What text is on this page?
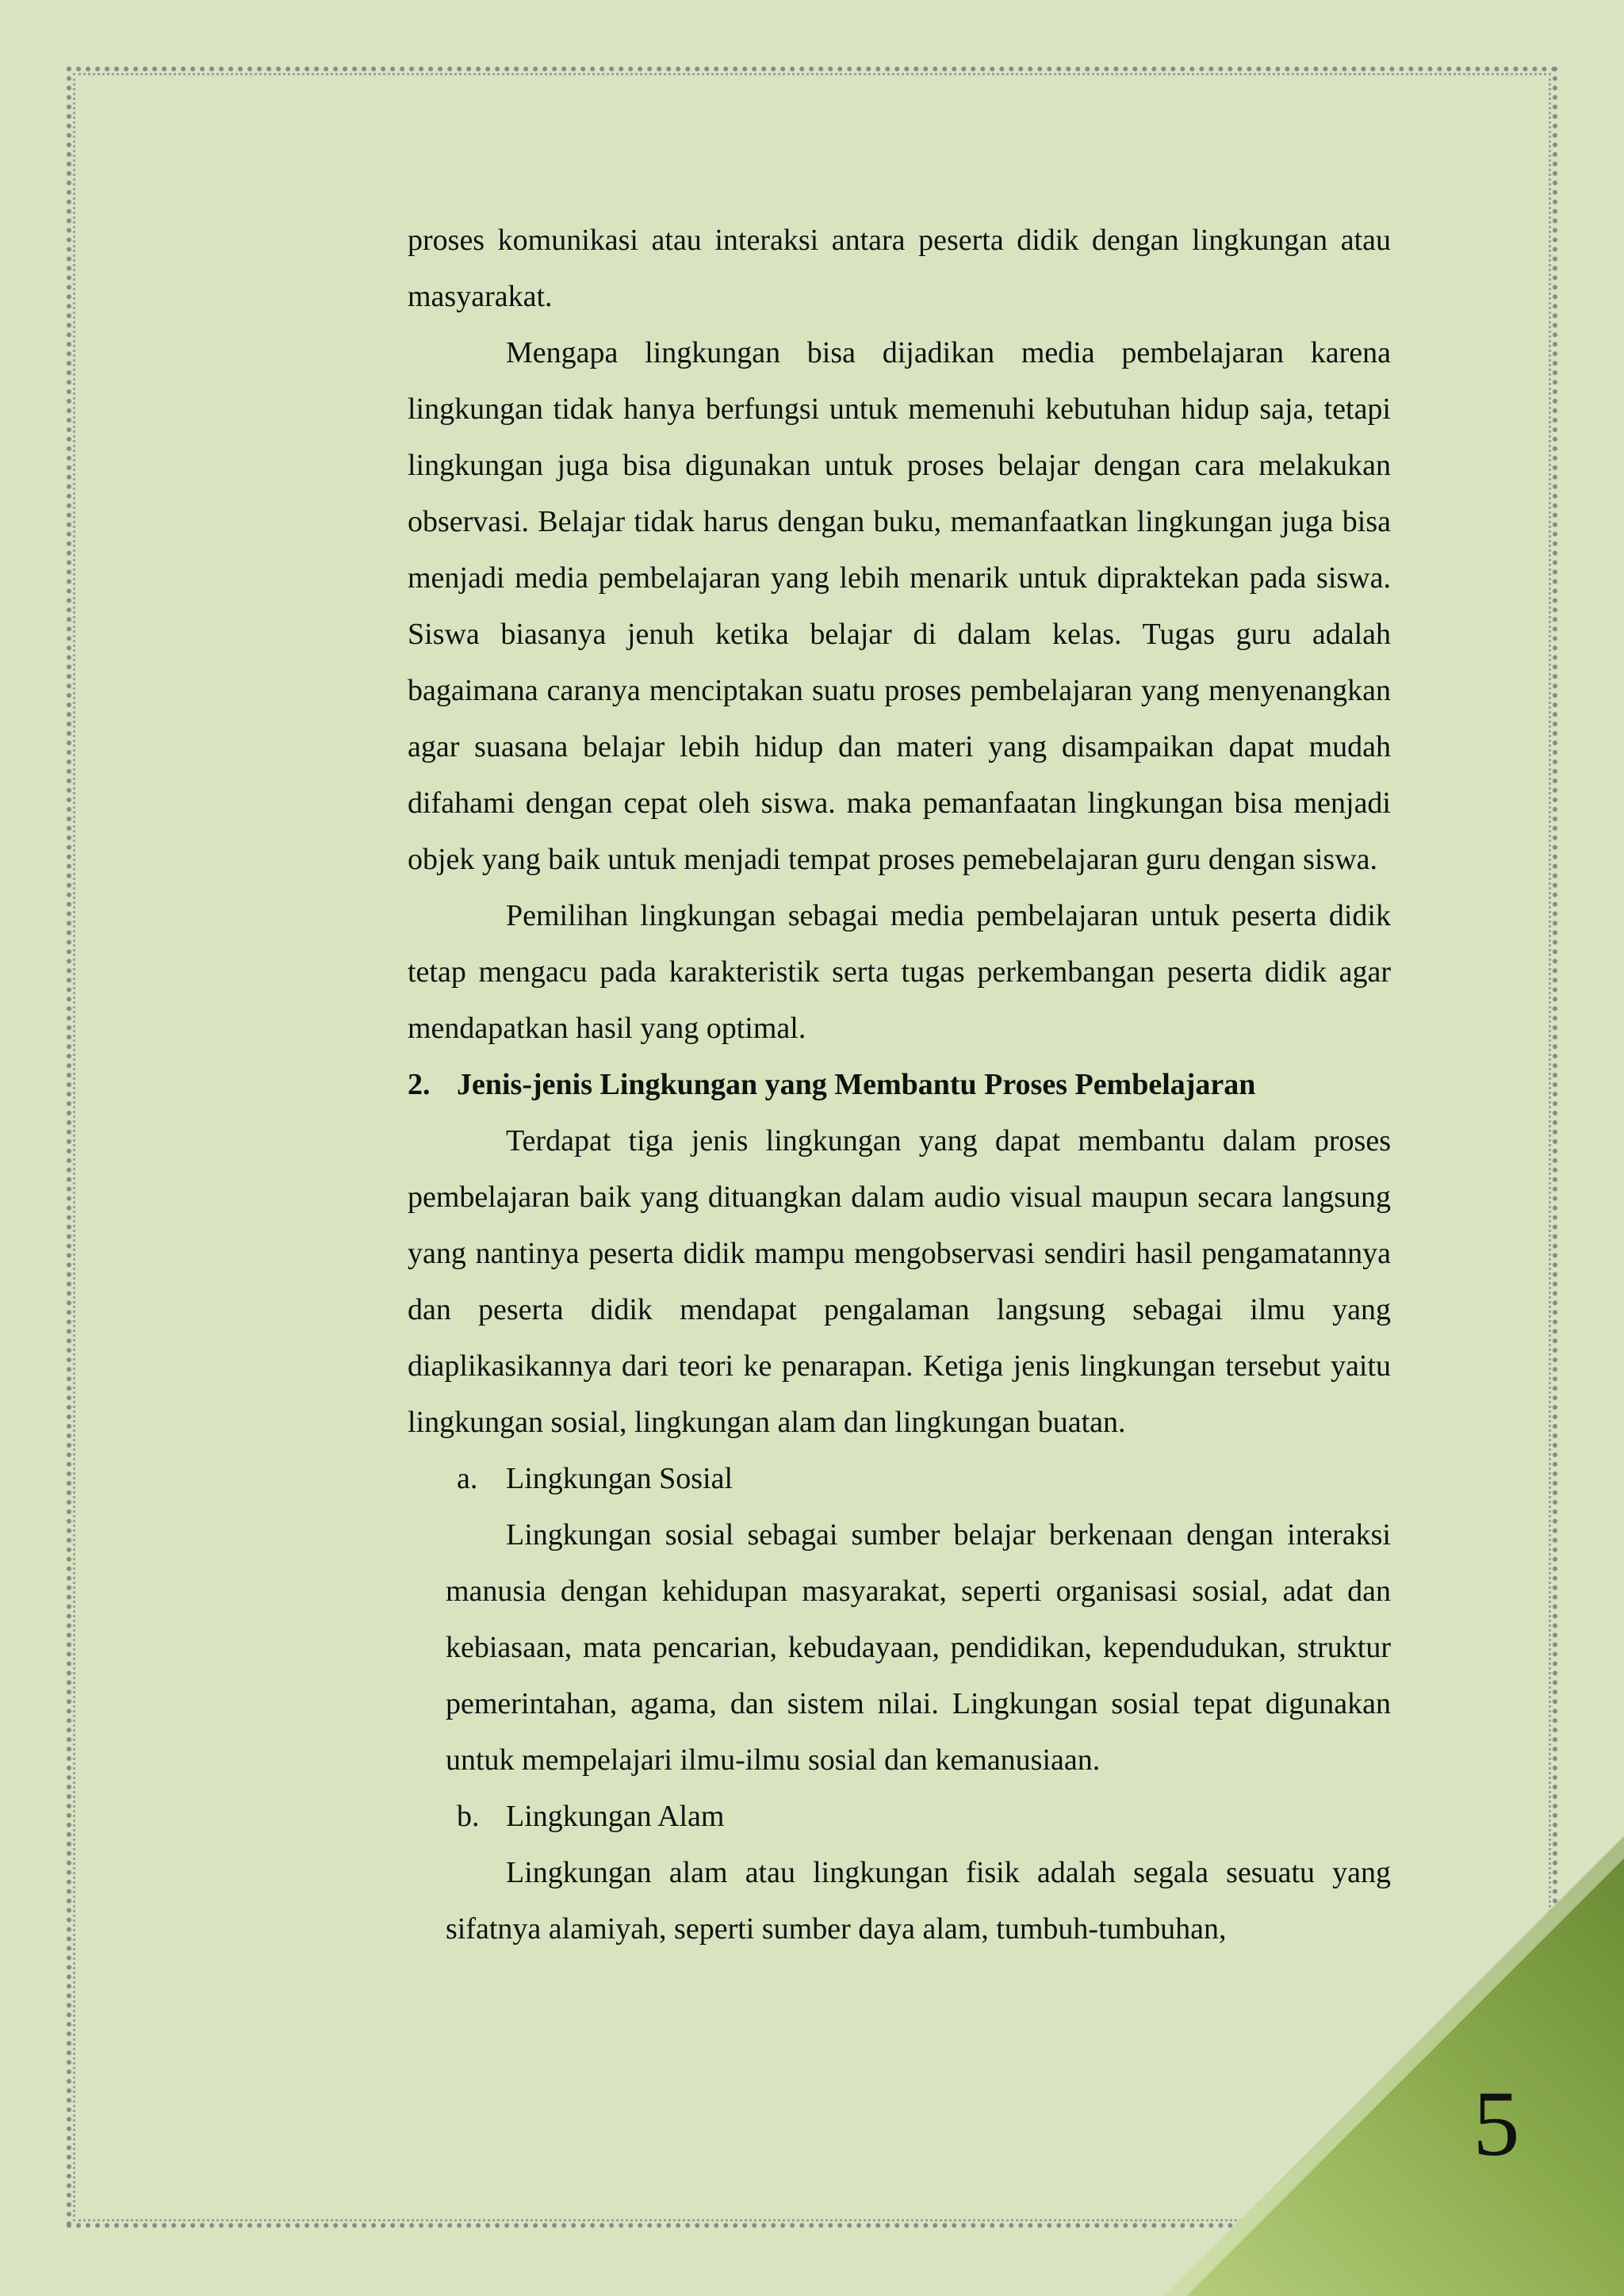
proses komunikasi atau interaksi antara peserta didik dengan lingkungan atau masyarakat.

Mengapa lingkungan bisa dijadikan media pembelajaran karena lingkungan tidak hanya berfungsi untuk memenuhi kebutuhan hidup saja, tetapi lingkungan juga bisa digunakan untuk proses belajar dengan cara melakukan observasi. Belajar tidak harus dengan buku, memanfaatkan lingkungan juga bisa menjadi media pembelajaran yang lebih menarik untuk dipraktekan pada siswa. Siswa biasanya jenuh ketika belajar di dalam kelas. Tugas guru adalah bagaimana caranya menciptakan suatu proses pembelajaran yang menyenangkan agar suasana belajar lebih hidup dan materi yang disampaikan dapat mudah difahami dengan cepat oleh siswa. maka pemanfaatan lingkungan bisa menjadi objek yang baik untuk menjadi tempat proses pemebelajaran guru dengan siswa.

Pemilihan lingkungan sebagai media pembelajaran untuk peserta didik tetap mengacu pada karakteristik serta tugas perkembangan peserta didik agar mendapatkan hasil yang optimal.

2. Jenis-jenis Lingkungan yang Membantu Proses Pembelajaran

Terdapat tiga jenis lingkungan yang dapat membantu dalam proses pembelajaran baik yang dituangkan dalam audio visual maupun secara langsung yang nantinya peserta didik mampu mengobservasi sendiri hasil pengamatannya dan peserta didik mendapat pengalaman langsung sebagai ilmu yang diaplikasikannya dari teori ke penarapan. Ketiga jenis lingkungan tersebut yaitu lingkungan sosial, lingkungan alam dan lingkungan buatan.

a. Lingkungan Sosial

Lingkungan sosial sebagai sumber belajar berkenaan dengan interaksi manusia dengan kehidupan masyarakat, seperti organisasi sosial, adat dan kebiasaan, mata pencarian, kebudayaan, pendidikan, kependudukan, struktur pemerintahan, agama, dan sistem nilai. Lingkungan sosial tepat digunakan untuk mempelajari ilmu-ilmu sosial dan kemanusiaan.

b. Lingkungan Alam

Lingkungan alam atau lingkungan fisik adalah segala sesuatu yang sifatnya alamiyah, seperti sumber daya alam, tumbuh-tumbuhan,

5
